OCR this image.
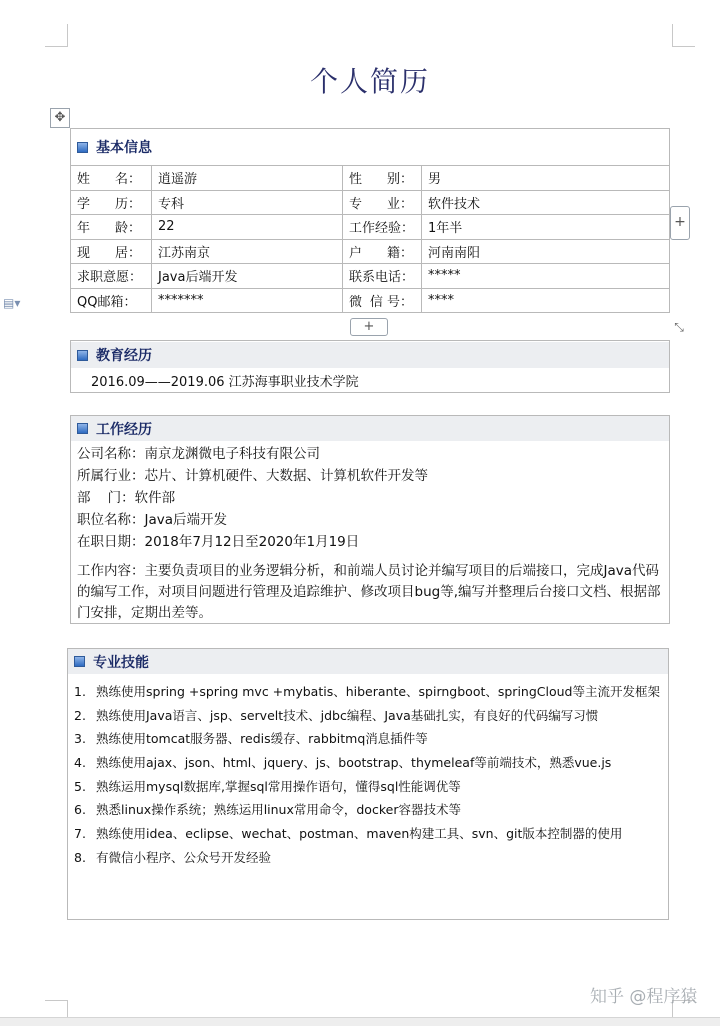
个人简历
✥
▤▾
基本信息
姓 名：	逍遥游	性 别：	男

学 历：	专科	专 业：	软件技术

年 龄：	22	工作经验：	1年半

现 居：	江苏南京	户 籍：	河南南阳

求职意愿：	Java后端开发	联系电话：	*****

QQ邮箱：	*******	微 信 号：	****
+
+	⤡
教育经历
2016.09——2019.06 江苏海事职业技术学院
工作经历
公司名称：南京龙渊微电子科技有限公司
所属行业：芯片、计算机硬件、大数据、计算机软件开发等
部    门：软件部
职位名称：Java后端开发
在职日期：2018年7月12日至2020年1月19日
工作内容：主要负责项目的业务逻辑分析，和前端人员讨论并编写项目的后端接口，完成Java代码的编写工作，对项目问题进行管理及追踪维护、修改项目bug等,编写并整理后台接口文档、根据部门安排，定期出差等。
专业技能
1. 熟练使用spring +spring mvc +mybatis、hiberante、spirngboot、springCloud等主流开发框架
2. 熟练使用Java语言、jsp、servelt技术、jdbc编程、Java基础扎实，有良好的代码编写习惯
3. 熟练使用tomcat服务器、redis缓存、rabbitmq消息插件等
4. 熟练使用ajax、json、html、jquery、js、bootstrap、thymeleaf等前端技术，熟悉vue.js
5. 熟练运用mysql数据库,掌握sql常用操作语句，懂得sql性能调优等
6. 熟悉linux操作系统；熟练运用linux常用命令，docker容器技术等
7. 熟练使用idea、eclipse、wechat、postman、maven构建工具、svn、git版本控制器的使用
8. 有微信小程序、公众号开发经验
知乎 @程序猿
